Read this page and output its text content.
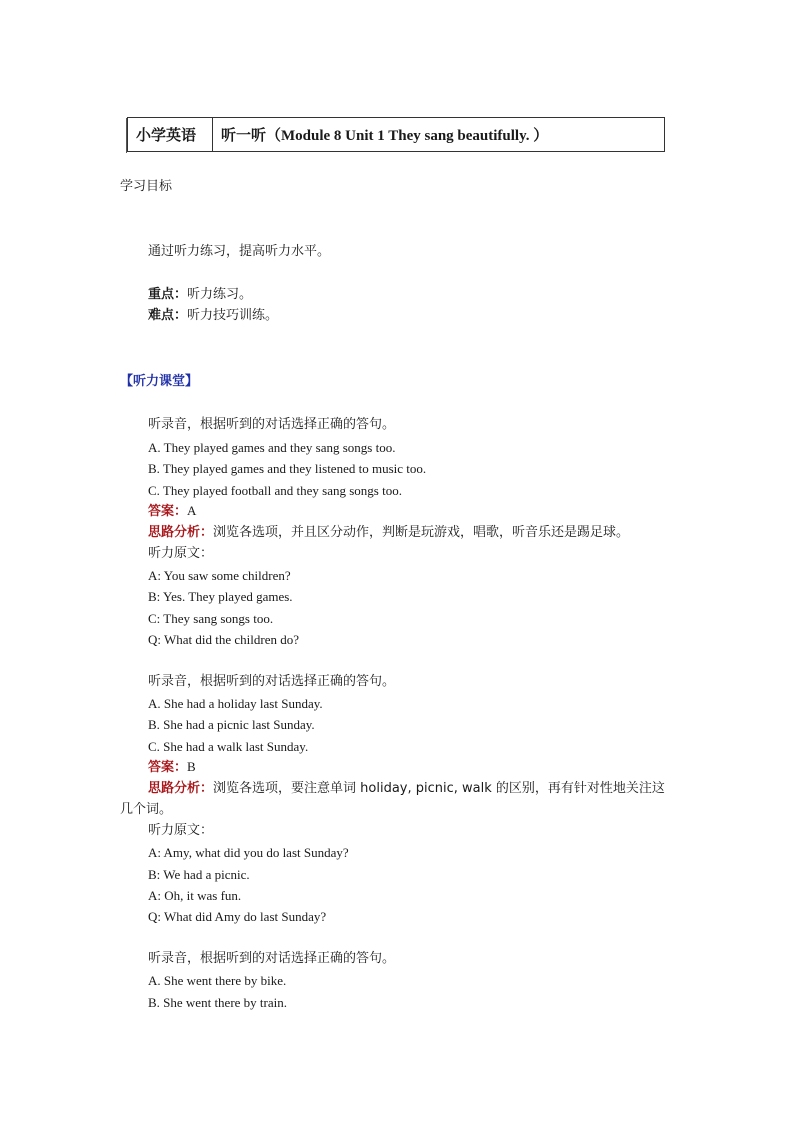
小学英语	听一听（Module 8 Unit 1 They sang beautifully. ）
学习目标
通过听力练习，提高听力水平。
重点：听力练习。
难点：听力技巧训练。
【听力课堂】
听录音，根据听到的对话选择正确的答句。
A. They played games and they sang songs too.
B. They played games and they listened to music too.
C. They played football and they sang songs too.
答案：A
思路分析：浏览各选项，并且区分动作，判断是玩游戏，唱歌，听音乐还是踢足球。
听力原文：
A: You saw some children?
B: Yes. They played games.
C: They sang songs too.
Q: What did the children do?
听录音，根据听到的对话选择正确的答句。
A. She had a holiday last Sunday.
B. She had a picnic last Sunday.
C. She had a walk last Sunday.
答案：B
思路分析：浏览各选项，要注意单词 holiday, picnic, walk 的区别，再有针对性地关注这
几个词。
听力原文：
A: Amy, what did you do last Sunday?
B: We had a picnic.
A: Oh, it was fun.
Q: What did Amy do last Sunday?
听录音，根据听到的对话选择正确的答句。
A. She went there by bike.
B. She went there by train.
